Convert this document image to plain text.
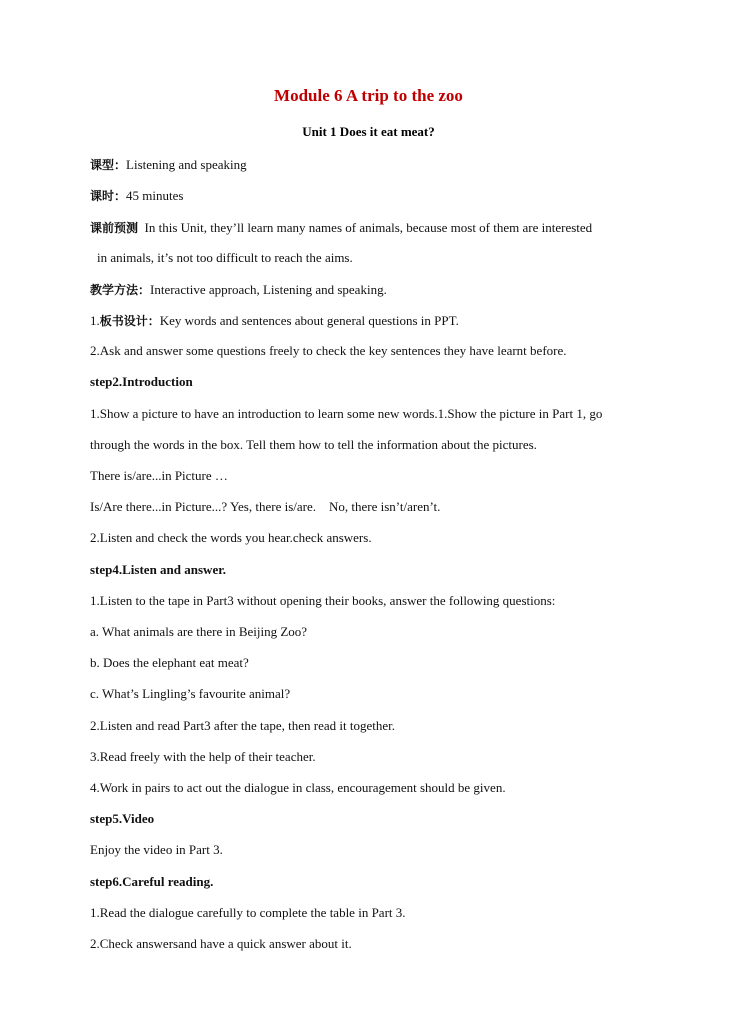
Module 6 A trip to the zoo
Unit 1 Does it eat meat?
课型：Listening and speaking
课时：45 minutes
课前预测 In this Unit, they’ll learn many names of animals, because most of them are interested
in animals, it’s not too difficult to reach the aims.
教学方法：Interactive approach, Listening and speaking.
1.板书设计：Key words and sentences about general questions in PPT.
2.Ask and answer some questions freely to check the key sentences they have learnt before.
step2.Introduction
1.Show a picture to have an introduction to learn some new words.1.Show the picture in Part 1, go
through the words in the box. Tell them how to tell the information about the pictures.
There is/are...in Picture …
Is/Are there...in Picture...? Yes, there is/are.    No, there isn’t/aren’t.
2.Listen and check the words you hear.check answers.
step4.Listen and answer.
1.Listen to the tape in Part3 without opening their books, answer the following questions:
a. What animals are there in Beijing Zoo?
b. Does the elephant eat meat?
c. What’s Lingling’s favourite animal?
2.Listen and read Part3 after the tape, then read it together.
3.Read freely with the help of their teacher.
4.Work in pairs to act out the dialogue in class, encouragement should be given.
step5.Video
Enjoy the video in Part 3.
step6.Careful reading.
1.Read the dialogue carefully to complete the table in Part 3.
2.Check answersand have a quick answer about it.
